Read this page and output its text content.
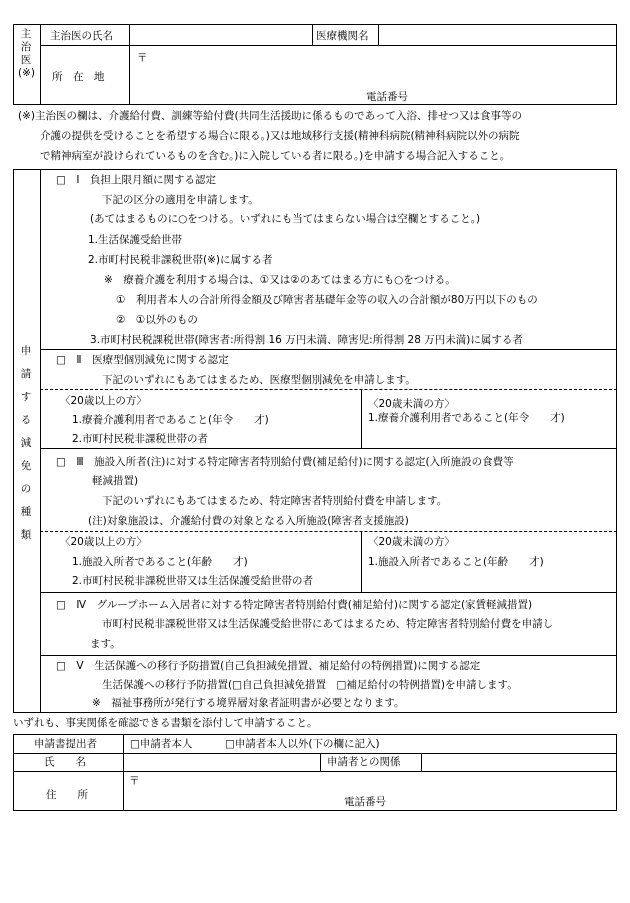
主治医(※)
主治医の氏名	医療機関名
所　在　地
〒
電話番号
(※)主治医の欄は、介護給付費、訓練等給付費(共同生活援助に係るものであって入浴、排せつ又は食事等の
介護の提供を受けることを希望する場合に限る。)又は地域移行支援(精神科病院(精神科病院以外の病院
で精神病室が設けられているものを含む。)に入院している者に限る。)を申請する場合記入すること。
申請する減免の種類
□　Ⅰ　負担上限月額に関する認定
下記の区分の適用を申請します。
(あてはまるものに○をつける。いずれにも当てはまらない場合は空欄とすること。)
1.生活保護受給世帯
2.市町村民税非課税世帯(※)に属する者
※　療養介護を利用する場合は、①又は②のあてはまる方にも○をつける。
①　利用者本人の合計所得金額及び障害者基礎年金等の収入の合計額が80万円以下のもの
②　①以外のもの
3.市町村民税課税世帯(障害者:所得割 16 万円未満、障害児:所得割 28 万円未満)に属する者
□　Ⅱ　医療型個別減免に関する認定
下記のいずれにもあてはまるため、医療型個別減免を申請します。
〈20歳以上の方〉
1.療養介護利用者であること(年令　　才)
2.市町村民税非課税世帯の者
〈20歳未満の方〉
1.療養介護利用者であること(年令　　才)
□　Ⅲ　施設入所者(注)に対する特定障害者特別給付費(補足給付)に関する認定(入所施設の食費等
軽減措置)
下記のいずれにもあてはまるため、特定障害者特別給付費を申請します。
(注)対象施設は、介護給付費の対象となる入所施設(障害者支援施設)
〈20歳以上の方〉
1.施設入所者であること(年齢　　才)
2.市町村民税非課税世帯又は生活保護受給世帯の者
〈20歳未満の方〉
1.施設入所者であること(年齢　　才)
□　Ⅳ　グループホーム入居者に対する特定障害者特別給付費(補足給付)に関する認定(家賃軽減措置)
市町村民税非課税世帯又は生活保護受給世帯にあてはまるため、特定障害者特別給付費を申請し
ます。
□　Ⅴ　生活保護への移行予防措置(自己負担減免措置、補足給付の特例措置)に関する認定
生活保護への移行予防措置(□自己負担減免措置　□補足給付の特例措置)を申請します。
※　福祉事務所が発行する境界層対象者証明書が必要となります。
いずれも、事実関係を確認できる書類を添付して申請すること。
申請書提出者	□申請者本人	□申請者本人以外(下の欄に記入)
氏　　名	申請者との関係
住　　所
〒
電話番号
